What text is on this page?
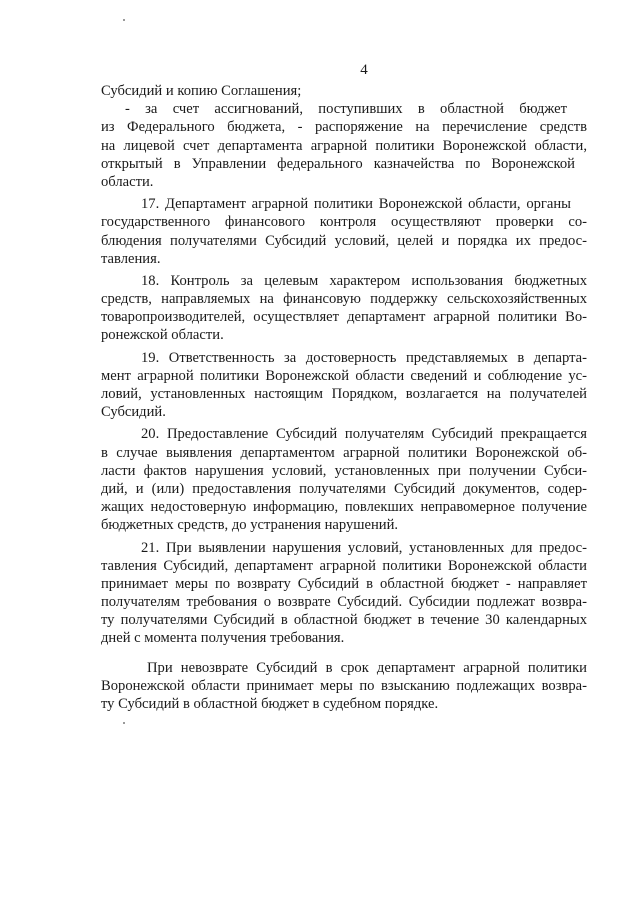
4
Субсидий и копию Соглашения;
- за счет ассигнований, поступивших в областной бюджет
из Федерального бюджета, - распоряжение на перечисление средств
на лицевой счет департамента аграрной политики Воронежской области,
открытый в Управлении федерального казначейства по Воронежской
области.
17. Департамент аграрной политики Воронежской области, органы
государственного финансового контроля осуществляют проверки со-
блюдения получателями Субсидий условий, целей и порядка их предос-
тавления.
18. Контроль за целевым характером использования бюджетных
средств, направляемых на финансовую поддержку сельскохозяйственных
товаропроизводителей, осуществляет департамент аграрной политики Во-
ронежской области.
19. Ответственность за достоверность представляемых в департа-
мент аграрной политики Воронежской области сведений и соблюдение ус-
ловий, установленных настоящим Порядком, возлагается на получателей
Субсидий.
20. Предоставление Субсидий получателям Субсидий прекращается
в случае выявления департаментом аграрной политики Воронежской об-
ласти фактов нарушения условий, установленных при получении Субси-
дий, и (или) предоставления получателями Субсидий документов, содер-
жащих недостоверную информацию, повлекших неправомерное получение
бюджетных средств, до устранения нарушений.
21. При выявлении нарушения условий, установленных для предос-
тавления Субсидий, департамент аграрной политики Воронежской области
принимает меры по возврату Субсидий в областной бюджет - направляет
получателям требования о возврате Субсидий. Субсидии подлежат возвра-
ту получателями Субсидий в областной бюджет в течение 30 календарных
дней с момента получения требования.
При невозврате Субсидий в срок департамент аграрной политики
Воронежской области принимает меры по взысканию подлежащих возвра-
ту Субсидий в областной бюджет в судебном порядке.
